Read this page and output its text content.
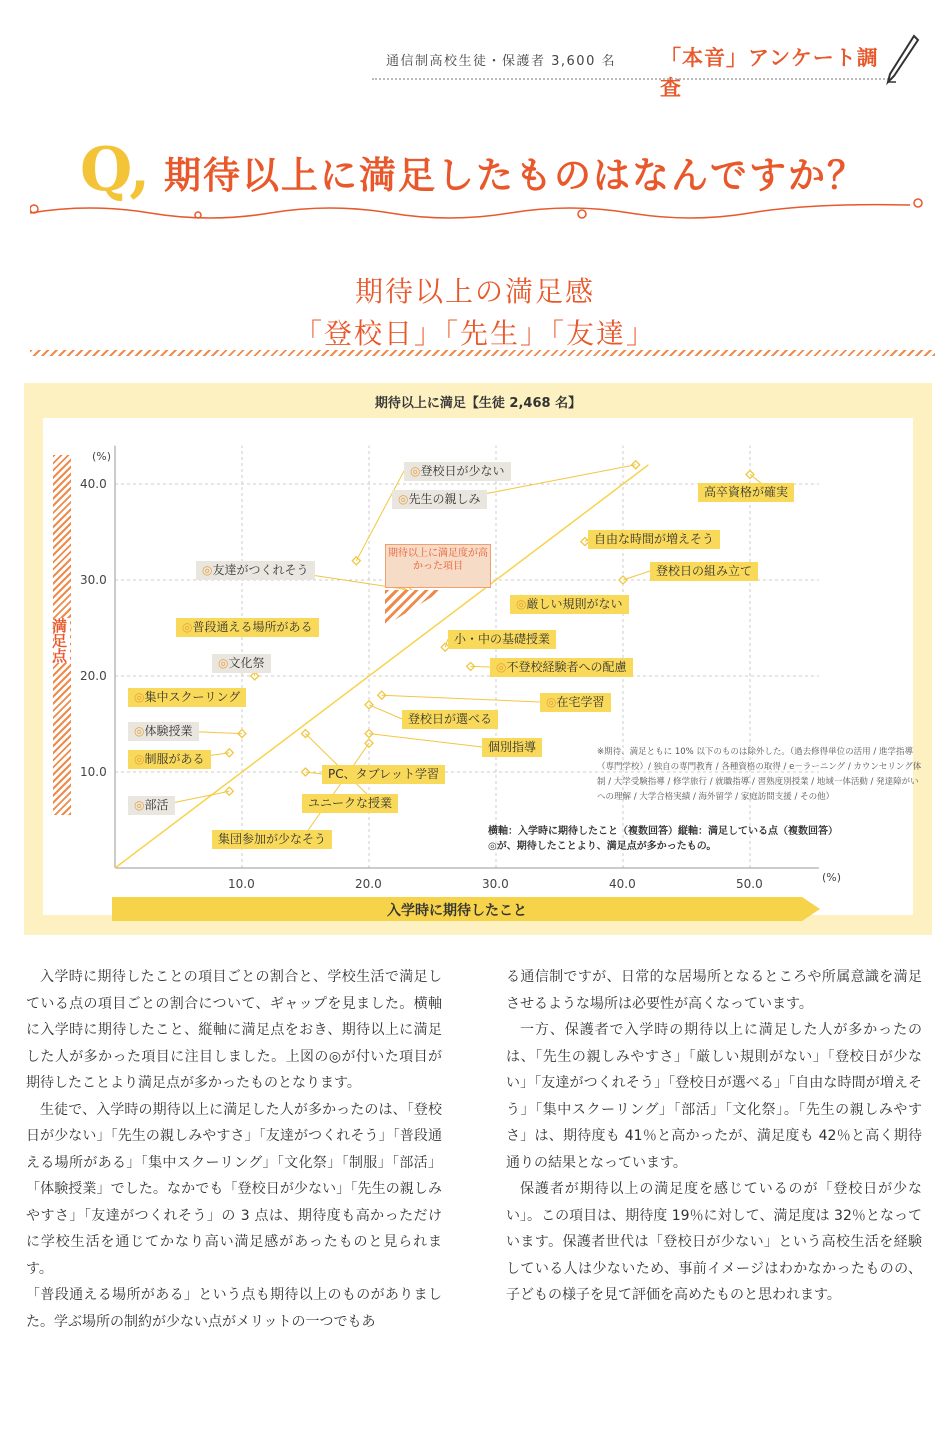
通信制高校生徒・保護者 3,600 名 「本音」アンケート調査
Q, 期待以上に満足したものはなんですか？
期待以上の満足感
「登校日」「先生」「友達」
期待以上に満足【生徒 2,468 名】
10.0
20.0
30.0
40.0
10.0	20.0	30.0	40.0	50.0
(%)
(%)
満足点
入学時に期待したこと
期待以上に満足度が高かった項目
※期待、満足ともに 10% 以下のものは除外した。（過去修得単位の活用 / 進学指導（専門学校）/ 独自の専門教育 / 各種資格の取得 / e－ラーニング / カウンセリング体制 / 大学受験指導 / 修学旅行 / 就職指導 / 習熟度別授業 / 地域一体活動 / 発達障がいへの理解 / 大学合格実績 / 海外留学 / 家庭訪問支援 / その他）
横軸：入学時に期待したこと（複数回答）縦軸：満足している点（複数回答）
◎が、期待したことより、満足点が多かったもの。
◎登校日が少ない
◎先生の親しみ
◎友達がつくれそう
◎普段通える場所がある
◎文化祭
◎集中スクーリング
◎体験授業
◎制服がある
◎部活
高卒資格が確実
自由な時間が増えそう
登校日の組み立て
◎厳しい規則がない
小・中の基礎授業
◎不登校経験者への配慮
◎在宅学習
登校日が選べる
個別指導
PC、タブレット学習
ユニークな授業
集団参加が少なそう

入学時に期待したことの項目ごとの割合と、学校生活で満足している点の項目ごとの割合について、ギャップを見ました。横軸に入学時に期待したこと、縦軸に満足点をおき、期待以上に満足した人が多かった項目に注目しました。上図の◎が付いた項目が期待したことより満足点が多かったものとなります。

生徒で、入学時の期待以上に満足した人が多かったのは、「登校日が少ない」「先生の親しみやすさ」「友達がつくれそう」「普段通える場所がある」「集中スクーリング」「文化祭」「制服」「部活」「体験授業」でした。なかでも「登校日が少ない」「先生の親しみやすさ」「友達がつくれそう」の 3 点は、期待度も高かっただけに学校生活を通じてかなり高い満足感があったものと見られます。

「普段通える場所がある」という点も期待以上のものがありました。学ぶ場所の制約が少ない点がメリットの一つでもあ

る通信制ですが、日常的な居場所となるところや所属意識を満足させるような場所は必要性が高くなっています。

一方、保護者で入学時の期待以上に満足した人が多かったのは、「先生の親しみやすさ」「厳しい規則がない」「登校日が少ない」「友達がつくれそう」「登校日が選べる」「自由な時間が増えそう」「集中スクーリング」「部活」「文化祭」。「先生の親しみやすさ」は、期待度も 41％と高かったが、満足度も 42％と高く期待通りの結果となっています。

保護者が期待以上の満足度を感じているのが「登校日が少ない」。この項目は、期待度 19％に対して、満足度は 32％となっています。保護者世代は「登校日が少ない」という高校生活を経験している人は少ないため、事前イメージはわかなかったものの、子どもの様子を見て評価を高めたものと思われます。
